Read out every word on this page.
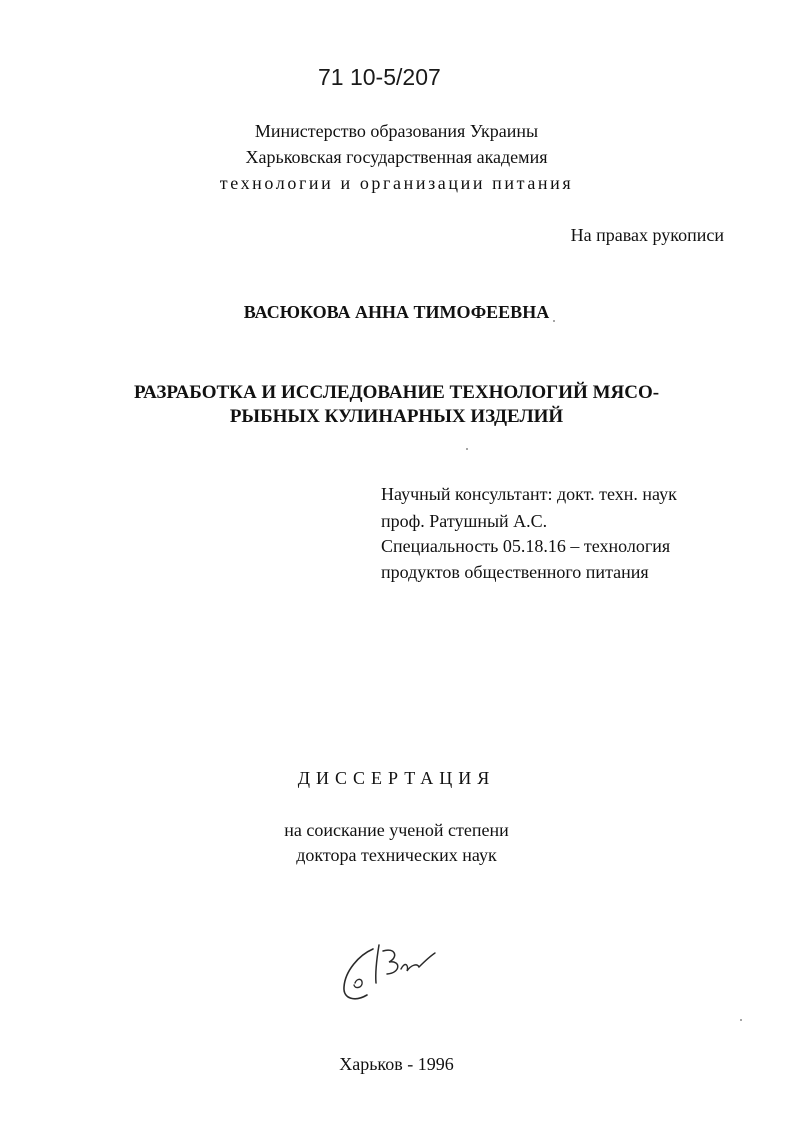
71 10-5/207
Министерство образования Украины
Харьковская государственная академия
технологии и организации питания
На правах рукописи
ВАСЮКОВА АННА ТИМОФЕЕВНА
РАЗРАБОТКА И ИССЛЕДОВАНИЕ ТЕХНОЛОГИЙ МЯСО-
РЫБНЫХ КУЛИНАРНЫХ ИЗДЕЛИЙ
Научный консультант: докт. техн. наук
проф. Ратушный А.С.
Специальность 05.18.16 – технология
продуктов общественного питания
ДИССЕРТАЦИЯ
на соискание ученой степени
доктора технических наук
Харьков - 1996
